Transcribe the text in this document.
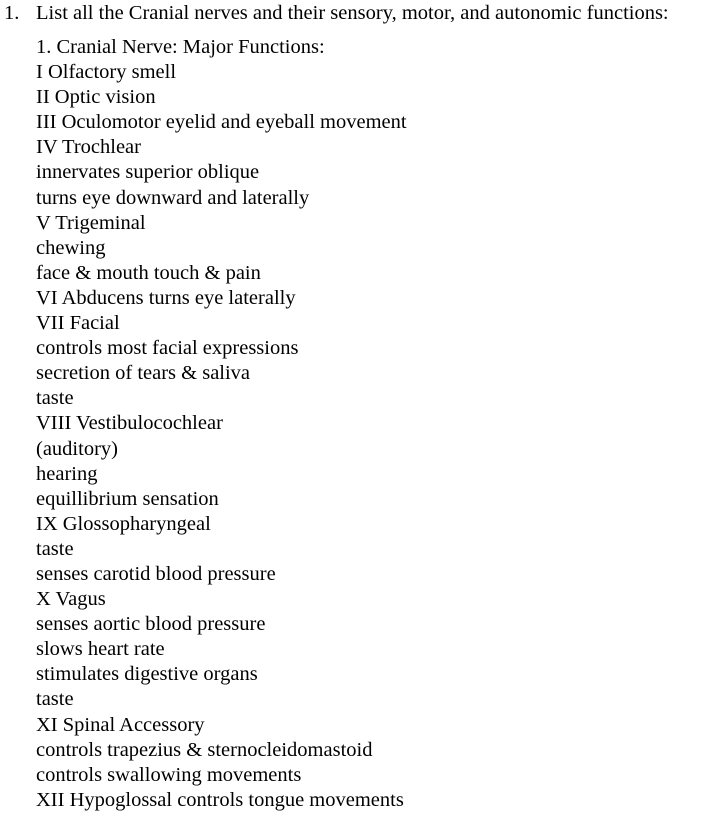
1. List all the Cranial nerves and their sensory, motor, and autonomic functions:
1. Cranial Nerve: Major Functions:
I Olfactory smell
II Optic vision
III Oculomotor eyelid and eyeball movement
IV Trochlear
innervates superior oblique
turns eye downward and laterally
V Trigeminal
chewing
face & mouth touch & pain
VI Abducens turns eye laterally
VII Facial
controls most facial expressions
secretion of tears & saliva
taste
VIII Vestibulocochlear
(auditory)
hearing
equillibrium sensation
IX Glossopharyngeal
taste
senses carotid blood pressure
X Vagus
senses aortic blood pressure
slows heart rate
stimulates digestive organs
taste
XI Spinal Accessory
controls trapezius & sternocleidomastoid
controls swallowing movements
XII Hypoglossal controls tongue movements
